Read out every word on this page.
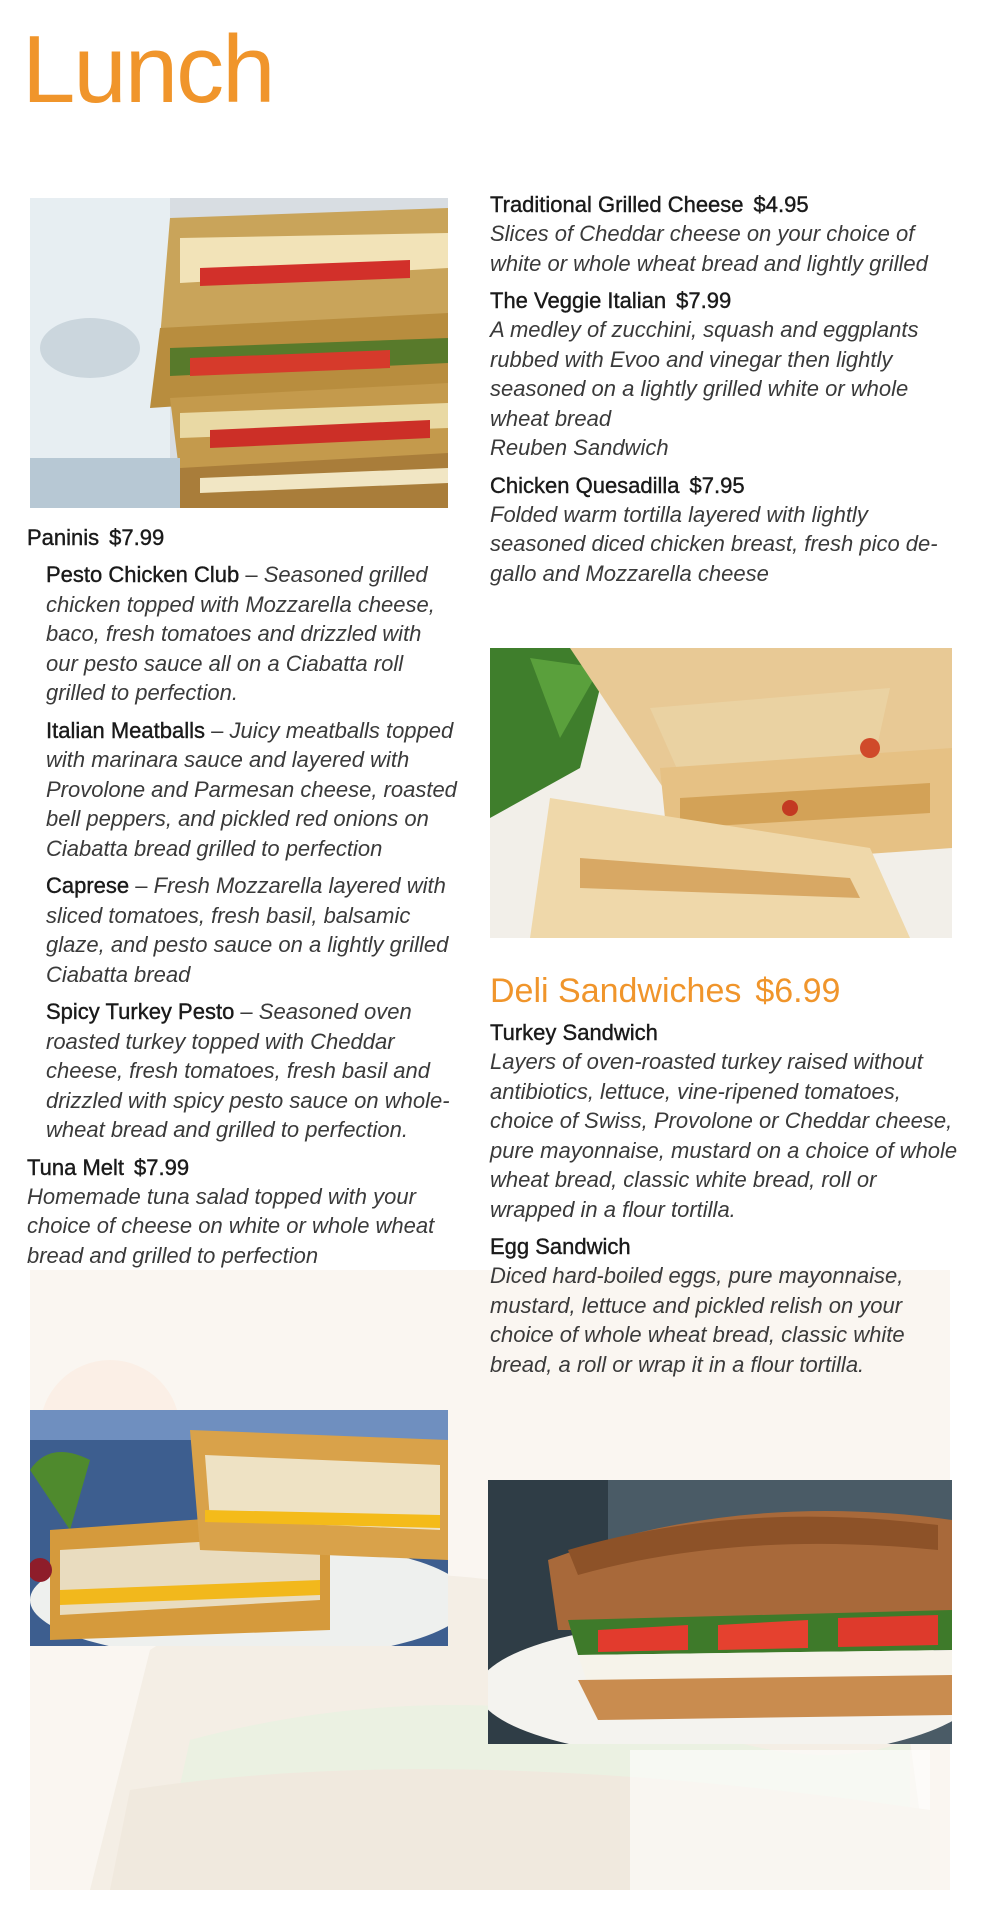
Lunch
Paninis $7.99
Pesto Chicken Club – Seasoned grilled chicken topped with Mozzarella cheese, baco, fresh tomatoes and drizzled with our pesto sauce all on a Ciabatta roll grilled to perfection.
Italian Meatballs – Juicy meatballs topped with marinara sauce and layered with Provolone and Parmesan cheese, roasted bell peppers, and pickled red onions on Ciabatta bread grilled to perfection
Caprese – Fresh Mozzarella layered with sliced tomatoes, fresh basil, balsamic glaze, and pesto sauce on a lightly grilled Ciabatta bread
Spicy Turkey Pesto – Seasoned oven roasted turkey topped with Cheddar cheese, fresh tomatoes, fresh basil and drizzled with spicy pesto sauce on whole-wheat bread and grilled to perfection.
Tuna Melt $7.99
Homemade tuna salad topped with your choice of cheese on white or whole wheat bread and grilled to perfection
Traditional Grilled Cheese $4.95
Slices of Cheddar cheese on your choice of white or whole wheat bread and lightly grilled
The Veggie Italian $7.99
A medley of zucchini, squash and eggplants rubbed with Evoo and vinegar then lightly seasoned on a lightly grilled white or whole wheat bread
Reuben Sandwich
Chicken Quesadilla $7.95
Folded warm tortilla layered with lightly seasoned diced chicken breast, fresh pico de-gallo and Mozzarella cheese
Deli Sandwiches $6.99
Turkey Sandwich
Layers of oven-roasted turkey raised without antibiotics, lettuce, vine-ripened tomatoes, choice of Swiss, Provolone or Cheddar cheese, pure mayonnaise, mustard on a choice of whole wheat bread, classic white bread, roll or wrapped in a flour tortilla.
Egg Sandwich
Diced hard-boiled eggs, pure mayonnaise, mustard, lettuce and pickled relish on your choice of whole wheat bread, classic white bread, a roll or wrap it in a flour tortilla.
